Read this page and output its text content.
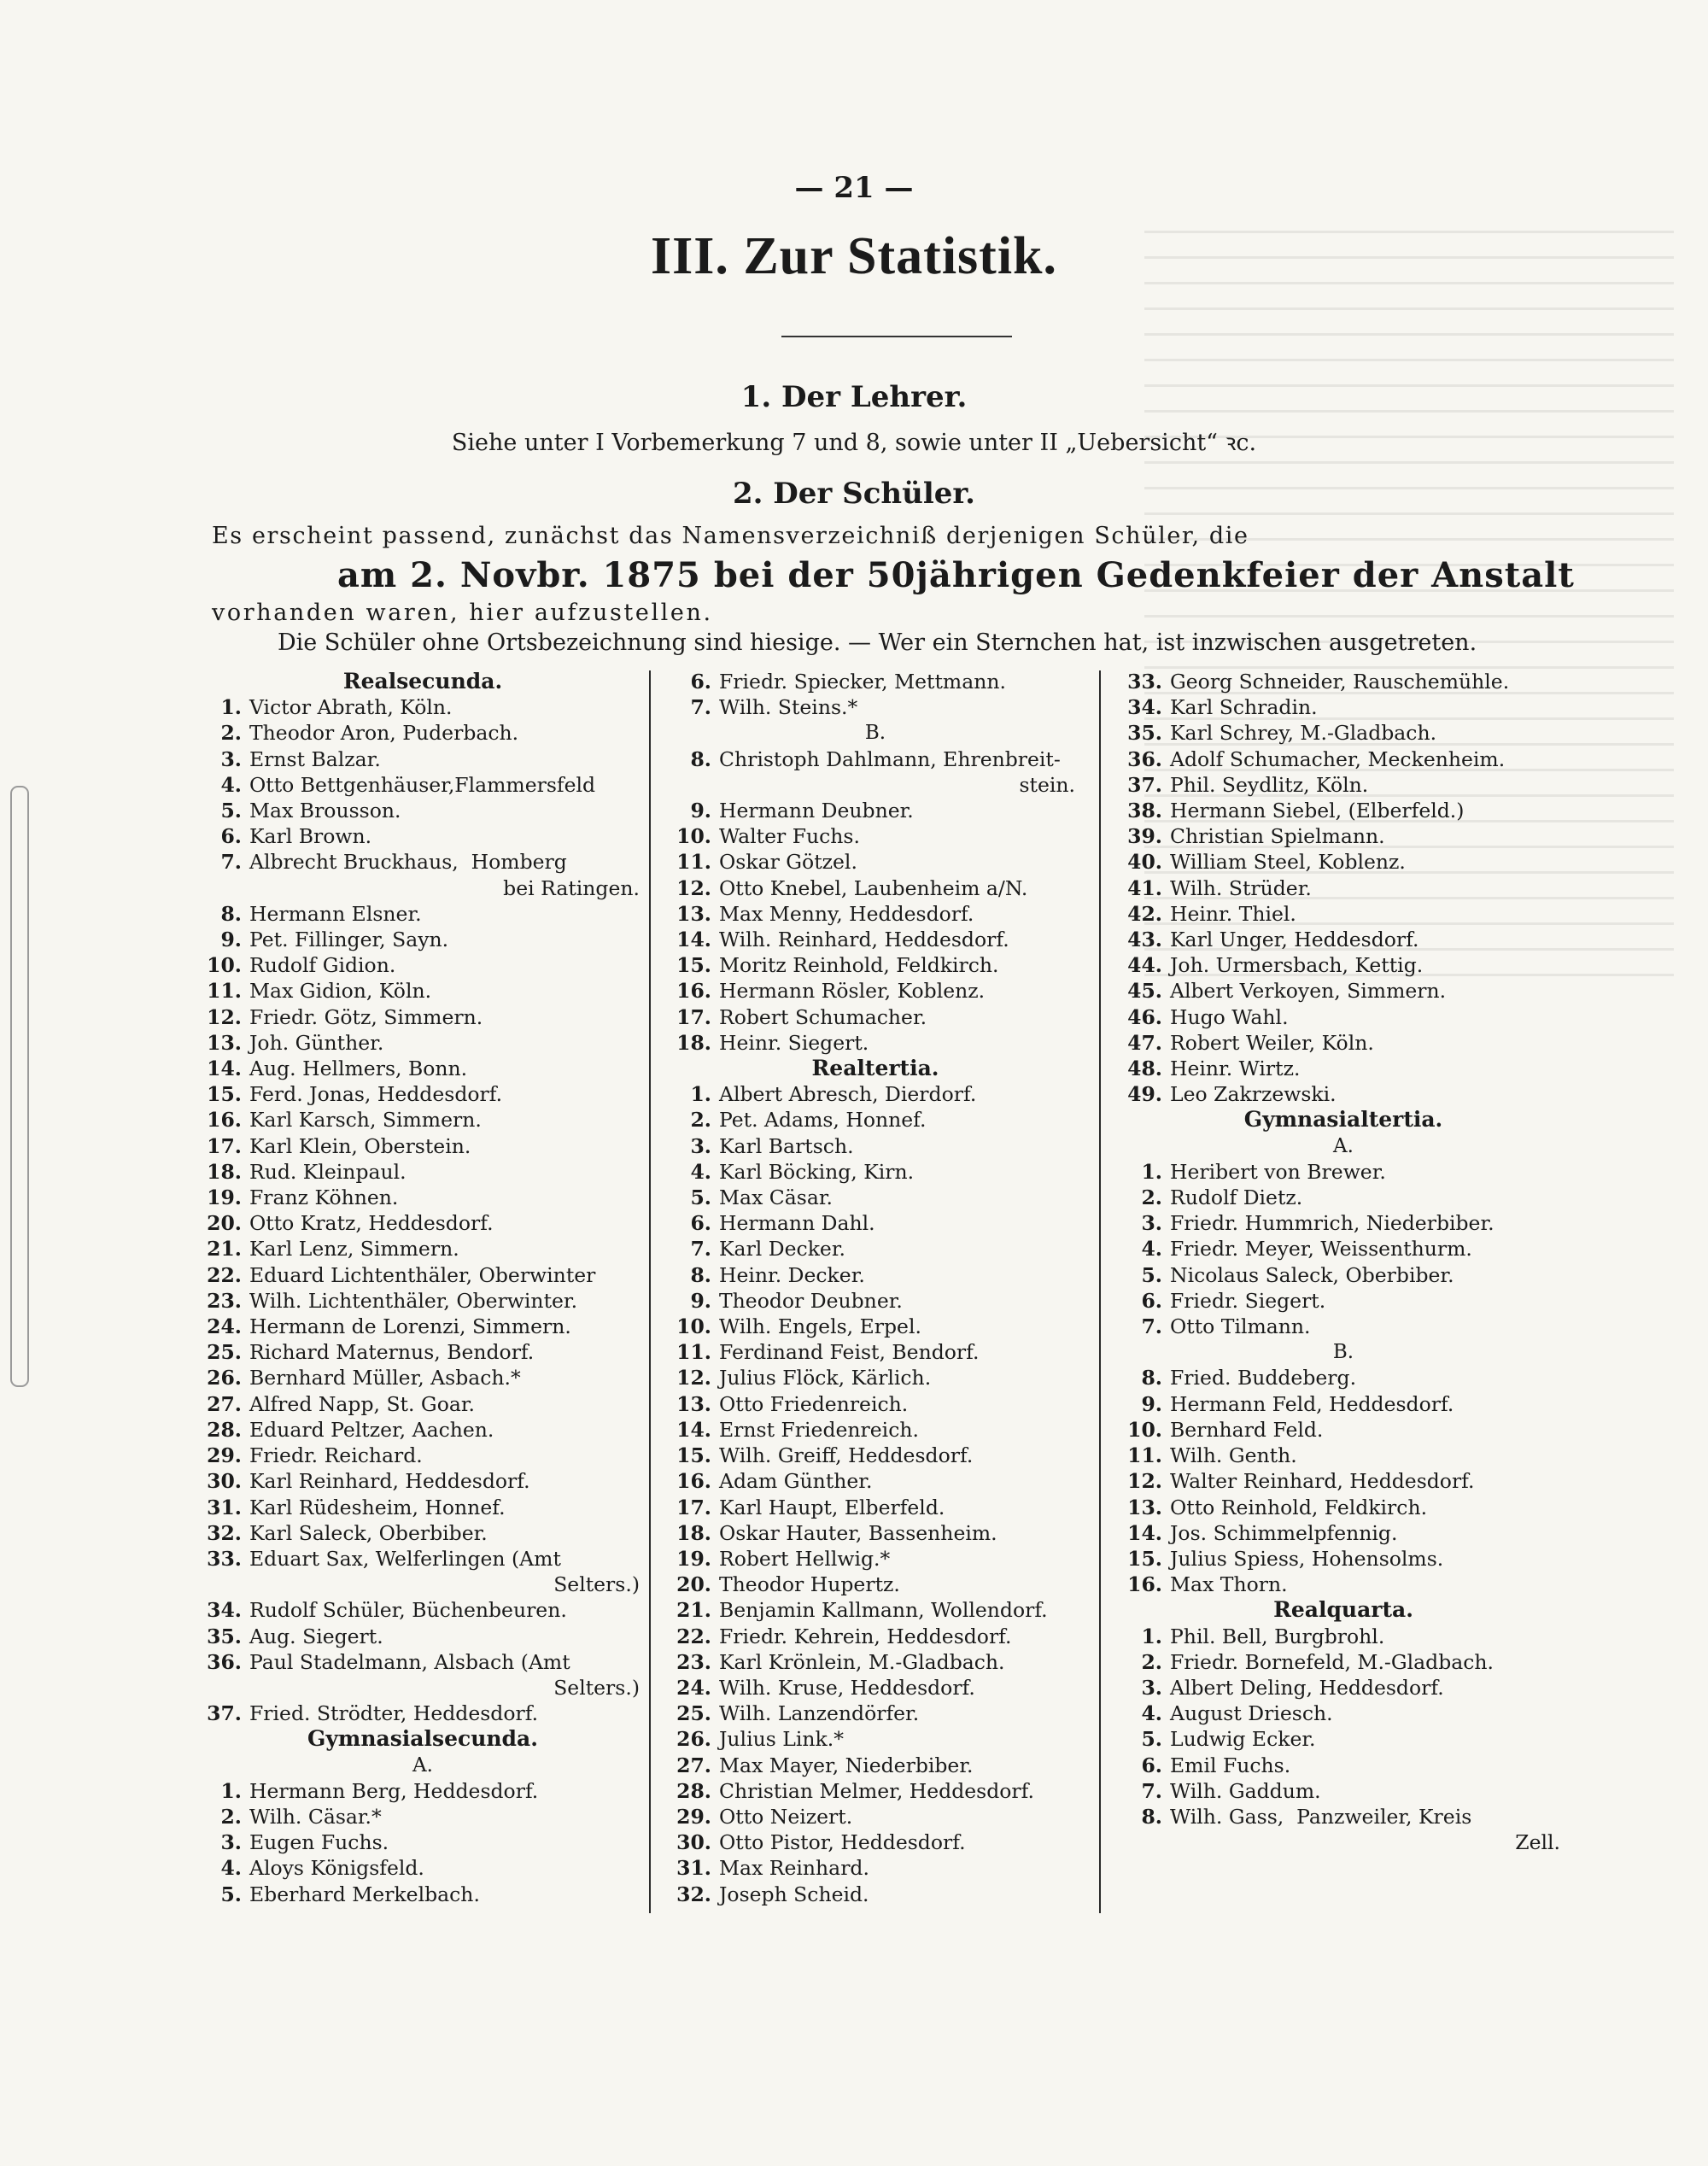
— 21 —
III. Zur Statistik.
1. Der Lehrer.
Siehe unter I Vorbemerkung 7 und 8, sowie unter II „Uebersicht“ ꝛc.
2. Der Schüler.
Es erscheint passend, zunächst das Namensverzeichniß derjenigen Schüler, die
am 2. Novbr. 1875 bei der 50jährigen Gedenkfeier der Anstalt
vorhanden waren, hier aufzustellen.
Die Schüler ohne Ortsbezeichnung sind hiesige. — Wer ein Sternchen hat, ist inzwischen ausgetreten.
Realsecunda.
1. Victor Abrath, Köln.
2. Theodor Aron, Puderbach.
3. Ernst Balzar.
4. Otto Bettgenhäuser,Flammersfeld
5. Max Brousson.
6. Karl Brown.
7. Albrecht Bruckhaus,  Homberg
bei Ratingen.
8. Hermann Elsner.
9. Pet. Fillinger, Sayn.
10. Rudolf Gidion.
11. Max Gidion, Köln.
12. Friedr. Götz, Simmern.
13. Joh. Günther.
14. Aug. Hellmers, Bonn.
15. Ferd. Jonas, Heddesdorf.
16. Karl Karsch, Simmern.
17. Karl Klein, Oberstein.
18. Rud. Kleinpaul.
19. Franz Köhnen.
20. Otto Kratz, Heddesdorf.
21. Karl Lenz, Simmern.
22. Eduard Lichtenthäler, Oberwinter
23. Wilh. Lichtenthäler, Oberwinter.
24. Hermann de Lorenzi, Simmern.
25. Richard Maternus, Bendorf.
26. Bernhard Müller, Asbach.*
27. Alfred Napp, St. Goar.
28. Eduard Peltzer, Aachen.
29. Friedr. Reichard.
30. Karl Reinhard, Heddesdorf.
31. Karl Rüdesheim, Honnef.
32. Karl Saleck, Oberbiber.
33. Eduart Sax, Welferlingen (Amt
Selters.)
34. Rudolf Schüler, Büchenbeuren.
35. Aug. Siegert.
36. Paul Stadelmann, Alsbach (Amt
Selters.)
37. Fried. Strödter, Heddesdorf.
Gymnasialsecunda.
A.
1. Hermann Berg, Heddesdorf.
2. Wilh. Cäsar.*
3. Eugen Fuchs.
4. Aloys Königsfeld.
5. Eberhard Merkelbach.
6. Friedr. Spiecker, Mettmann.
7. Wilh. Steins.*
B.
8. Christoph Dahlmann, Ehrenbreit-
stein.
9. Hermann Deubner.
10. Walter Fuchs.
11. Oskar Götzel.
12. Otto Knebel, Laubenheim a/N.
13. Max Menny, Heddesdorf.
14. Wilh. Reinhard, Heddesdorf.
15. Moritz Reinhold, Feldkirch.
16. Hermann Rösler, Koblenz.
17. Robert Schumacher.
18. Heinr. Siegert.
Realtertia.
1. Albert Abresch, Dierdorf.
2. Pet. Adams, Honnef.
3. Karl Bartsch.
4. Karl Böcking, Kirn.
5. Max Cäsar.
6. Hermann Dahl.
7. Karl Decker.
8. Heinr. Decker.
9. Theodor Deubner.
10. Wilh. Engels, Erpel.
11. Ferdinand Feist, Bendorf.
12. Julius Flöck, Kärlich.
13. Otto Friedenreich.
14. Ernst Friedenreich.
15. Wilh. Greiff, Heddesdorf.
16. Adam Günther.
17. Karl Haupt, Elberfeld.
18. Oskar Hauter, Bassenheim.
19. Robert Hellwig.*
20. Theodor Hupertz.
21. Benjamin Kallmann, Wollendorf.
22. Friedr. Kehrein, Heddesdorf.
23. Karl Krönlein, M.-Gladbach.
24. Wilh. Kruse, Heddesdorf.
25. Wilh. Lanzendörfer.
26. Julius Link.*
27. Max Mayer, Niederbiber.
28. Christian Melmer, Heddesdorf.
29. Otto Neizert.
30. Otto Pistor, Heddesdorf.
31. Max Reinhard.
32. Joseph Scheid.
33. Georg Schneider, Rauschemühle.
34. Karl Schradin.
35. Karl Schrey, M.-Gladbach.
36. Adolf Schumacher, Meckenheim.
37. Phil. Seydlitz, Köln.
38. Hermann Siebel, (Elberfeld.)
39. Christian Spielmann.
40. William Steel, Koblenz.
41. Wilh. Strüder.
42. Heinr. Thiel.
43. Karl Unger, Heddesdorf.
44. Joh. Urmersbach, Kettig.
45. Albert Verkoyen, Simmern.
46. Hugo Wahl.
47. Robert Weiler, Köln.
48. Heinr. Wirtz.
49. Leo Zakrzewski.
Gymnasialtertia.
A.
1. Heribert von Brewer.
2. Rudolf Dietz.
3. Friedr. Hummrich, Niederbiber.
4. Friedr. Meyer, Weissenthurm.
5. Nicolaus Saleck, Oberbiber.
6. Friedr. Siegert.
7. Otto Tilmann.
B.
8. Fried. Buddeberg.
9. Hermann Feld, Heddesdorf.
10. Bernhard Feld.
11. Wilh. Genth.
12. Walter Reinhard, Heddesdorf.
13. Otto Reinhold, Feldkirch.
14. Jos. Schimmelpfennig.
15. Julius Spiess, Hohensolms.
16. Max Thorn.
Realquarta.
1. Phil. Bell, Burgbrohl.
2. Friedr. Bornefeld, M.-Gladbach.
3. Albert Deling, Heddesdorf.
4. August Driesch.
5. Ludwig Ecker.
6. Emil Fuchs.
7. Wilh. Gaddum.
8. Wilh. Gass,  Panzweiler, Kreis
Zell.
